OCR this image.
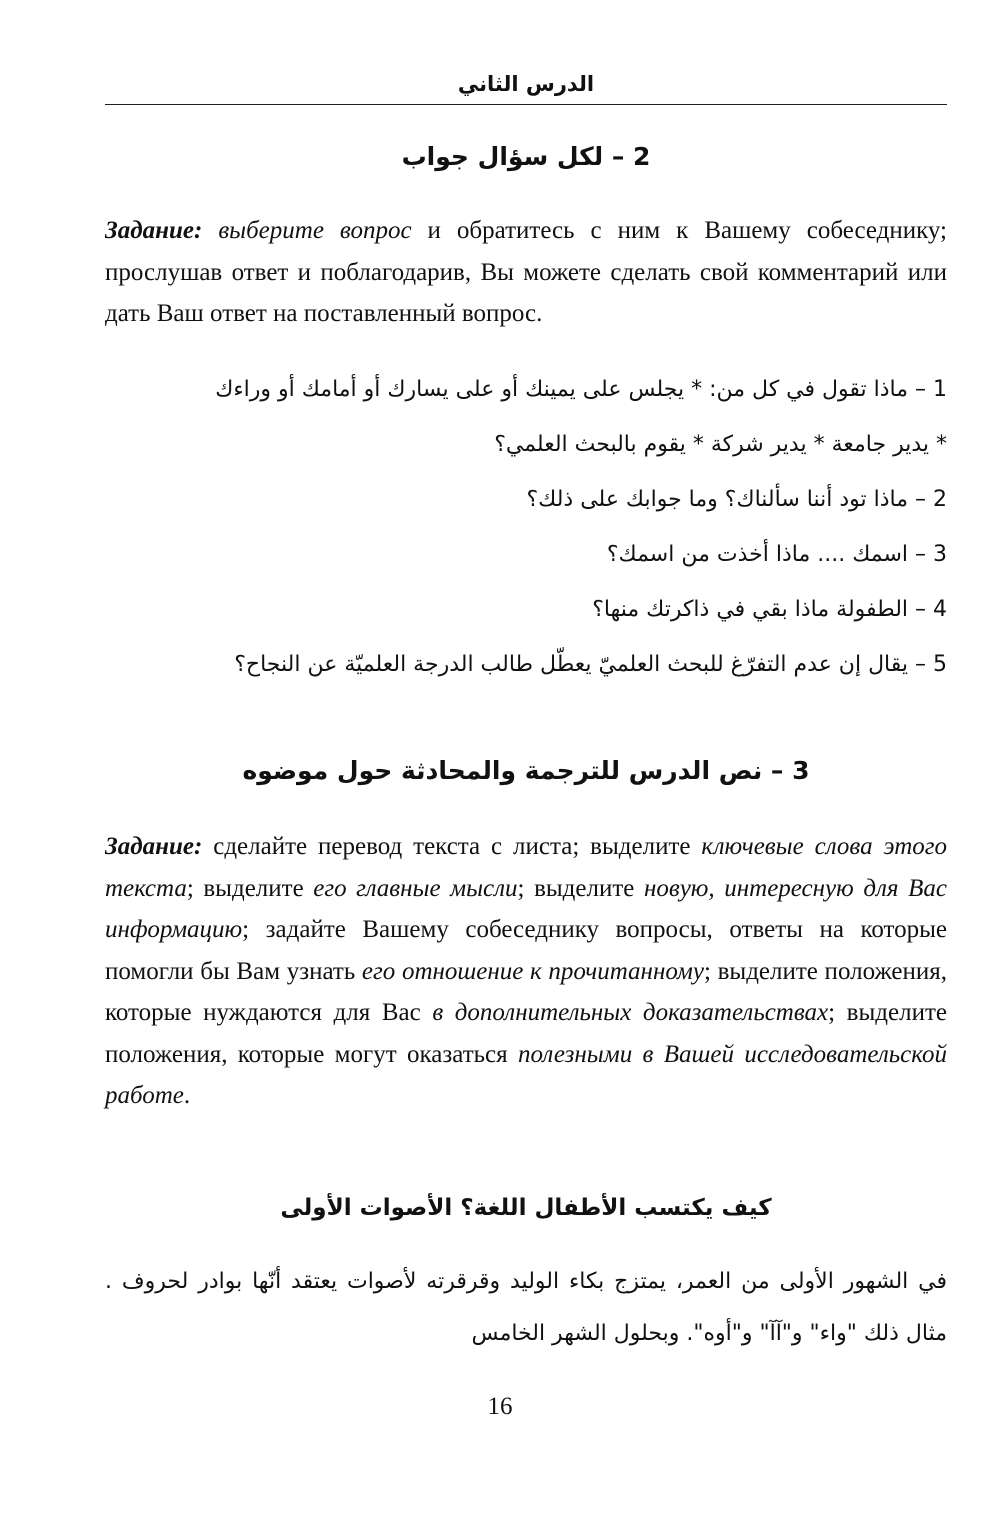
الدرس الثاني
2 – لكل سؤال جواب
Задание: выберите вопрос и обратитесь с ним к Вашему собеседнику; прослушав ответ и поблагодарив, Вы можете сделать свой комментарий или дать Ваш ответ на поставленный вопрос.
1 – ماذا تقول في كل من: * يجلس على يمينك أو على يسارك أو أمامك أو وراءك
* يدير جامعة * يدير شركة * يقوم بالبحث العلمي؟
2 – ماذا تود أننا سألناك؟ وما جوابك على ذلك؟
3 – اسمك .... ماذا أخذت من اسمك؟
4 – الطفولة ماذا بقي في ذاكرتك منها؟
5 – يقال إن عدم التفرّغ للبحث العلميّ يعطّل طالب الدرجة العلميّة عن النجاح؟
3 – نص الدرس للترجمة والمحادثة حول موضوه
Задание: сделайте перевод текста с листа; выделите ключевые слова этого текста; выделите его главные мысли; выделите новую, интересную для Вас информацию; задайте Вашему собеседнику вопросы, ответы на которые помогли бы Вам узнать его отношение к прочитанному; выделите положения, которые нуждаются для Вас в дополнительных доказательствах; выделите положения, которые могут оказаться полезными в Вашей исследовательской работе.
كيف يكتسب الأطفال اللغة؟ الأصوات الأولى
في الشهور الأولى من العمر، يمتزج بكاء الوليد وقرقرته لأصوات يعتقد أنّها بوادر لحروف . مثال ذلك "واء" و"آآ" و"أوه". وبحلول الشهر الخامس
16
